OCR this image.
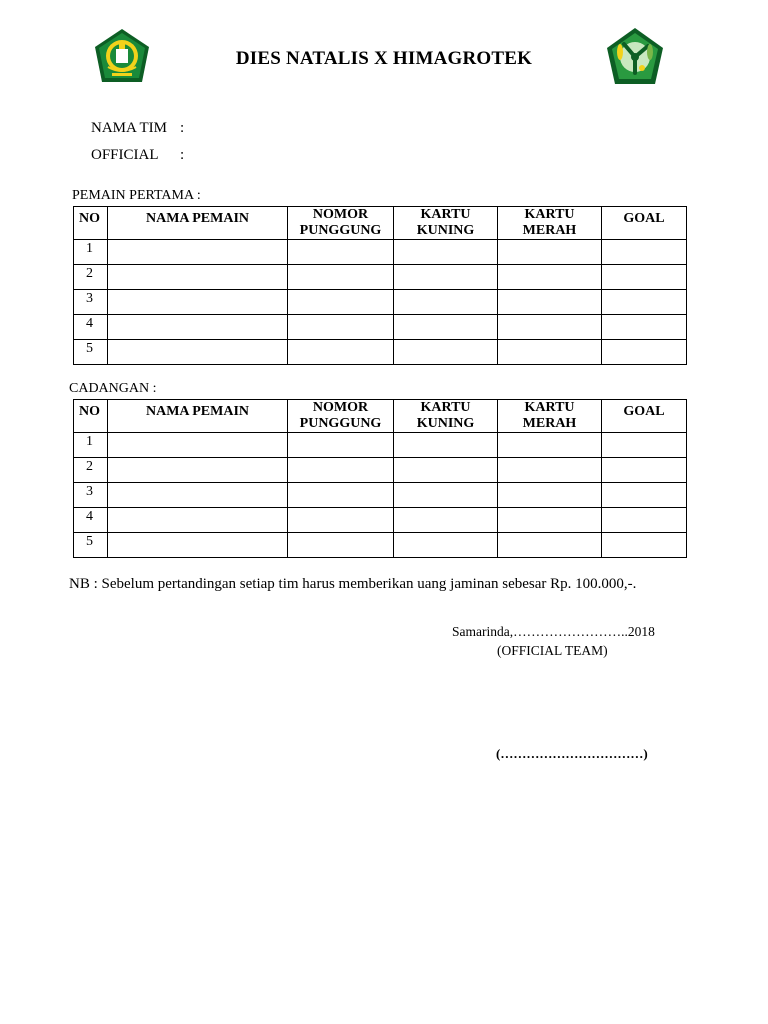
DIES NATALIS X HIMAGROTEK
NAMA TIM :
OFFICIAL :
PEMAIN PERTAMA :
NO	NAMA PEMAIN	NOMOR PUNGGUNG	KARTU KUNING	KARTU MERAH	GOAL
1					
2					
3					
4					
5					
CADANGAN :
NO	NAMA PEMAIN	NOMOR PUNGGUNG	KARTU KUNING	KARTU MERAH	GOAL
1					
2					
3					
4					
5					
NB : Sebelum pertandingan setiap tim harus memberikan uang jaminan sebesar Rp. 100.000,-.
Samarinda,……………………..2018
(OFFICIAL TEAM)
(……………………………)
